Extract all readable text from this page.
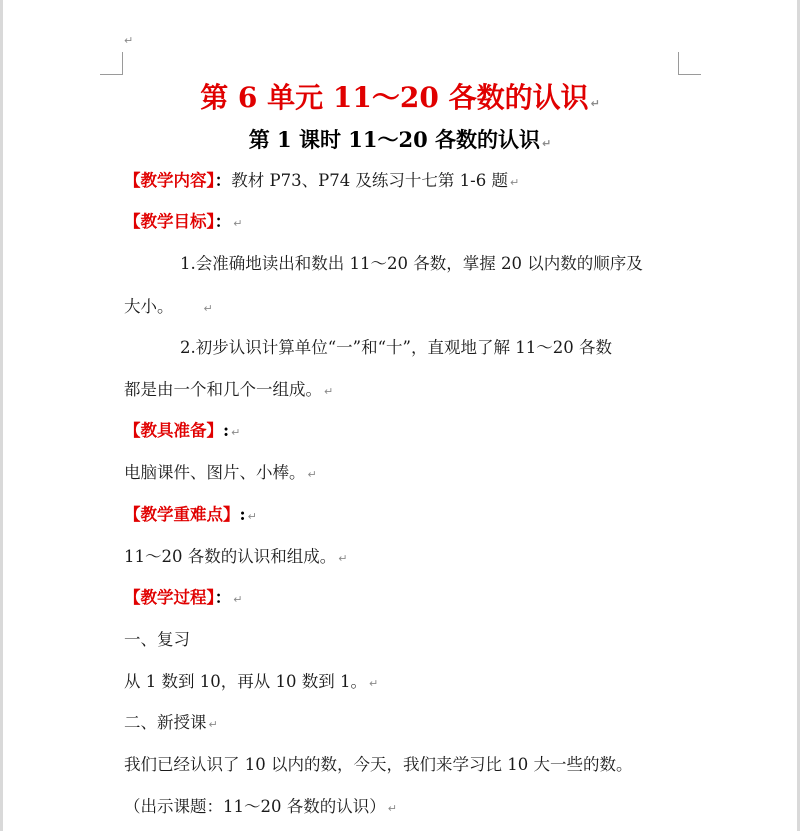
↵
第 6 单元 11～20 各数的认识 ↵
第 1 课时 11～20 各数的认识 ↵
【教学内容】：教材 P73、P74 及练习十七第 1-6 题 ↵
【教学目标】： ↵
1.会准确地读出和数出 11～20 各数，掌握 20 以内数的顺序及
大小。	↵
2.初步认识计算单位“一”和“十”，直观地了解 11～20 各数
都是由一个和几个一组成。 ↵
【教具准备】: ↵
电脑课件、图片、小棒。 ↵
【教学重难点】: ↵
11～20 各数的认识和组成。 ↵
【教学过程】： ↵
一、复习
从 1 数到 10，再从 10 数到 1。 ↵
二、新授课 ↵
我们已经认识了 10 以内的数，今天，我们来学习比 10 大一些的数。
（出示课题：11～20 各数的认识） ↵
